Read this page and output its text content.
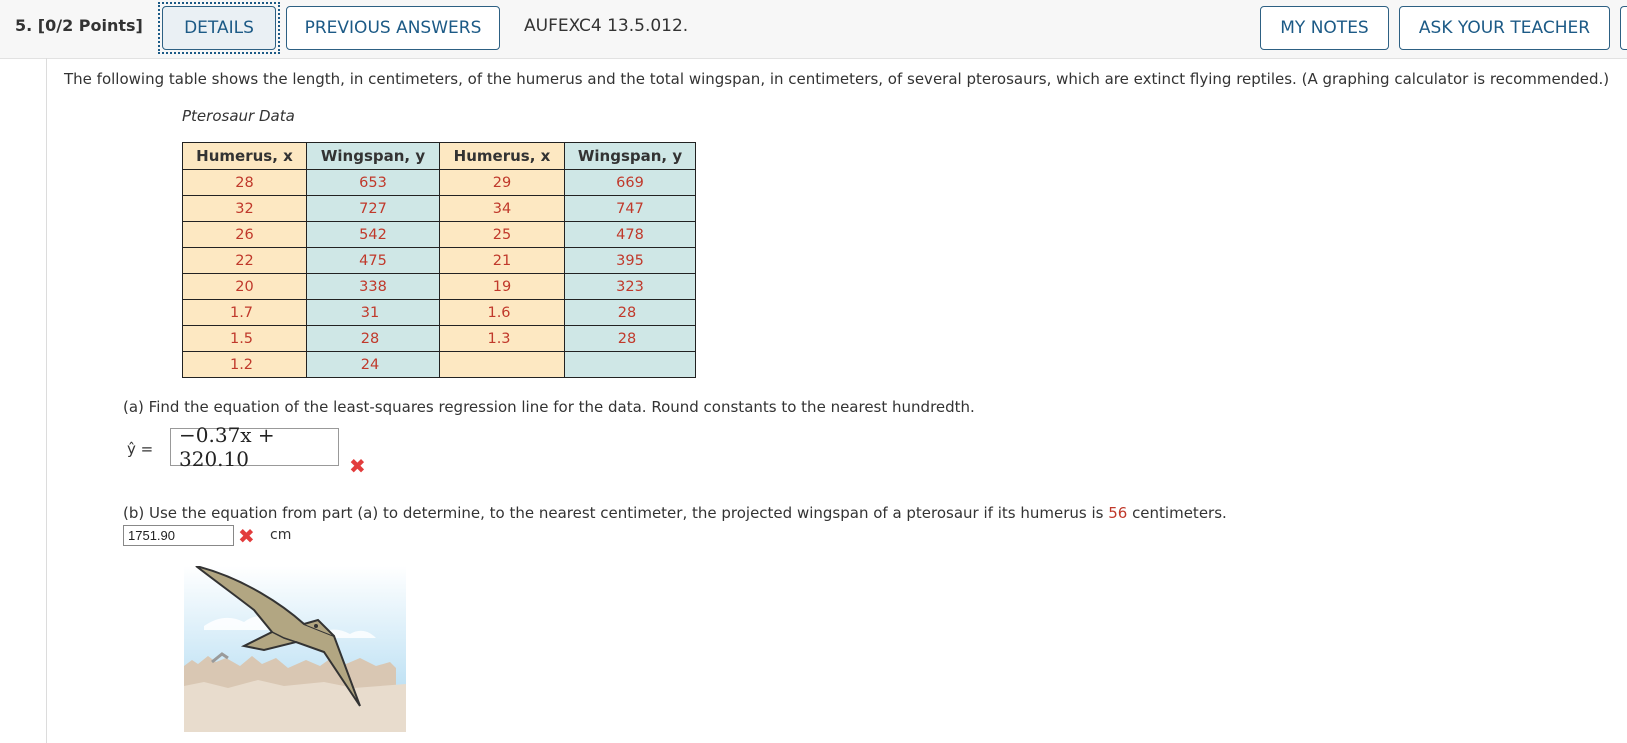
5. [0/2 Points]	DETAILS	PREVIOUS ANSWERS	AUFEXC4 13.5.012.	MY NOTES	ASK YOUR TEACHER
The following table shows the length, in centimeters, of the humerus and the total wingspan, in centimeters, of several pterosaurs, which are extinct flying reptiles. (A graphing calculator is recommended.)
Pterosaur Data
Humerus, x	Wingspan, y	Humerus, x	Wingspan, y
28	653	29	669
32	727	34	747
26	542	25	478
22	475	21	395
20	338	19	323
1.7	31	1.6	28
1.5	28	1.3	28
1.2	24		
(a) Find the equation of the least-squares regression line for the data. Round constants to the nearest hundredth.
ŷ =
−0.37x + 320.10	✖
(b) Use the equation from part (a) to determine, to the nearest centimeter, the projected wingspan of a pterosaur if its humerus is 56 centimeters.
1751.90	✖ cm
